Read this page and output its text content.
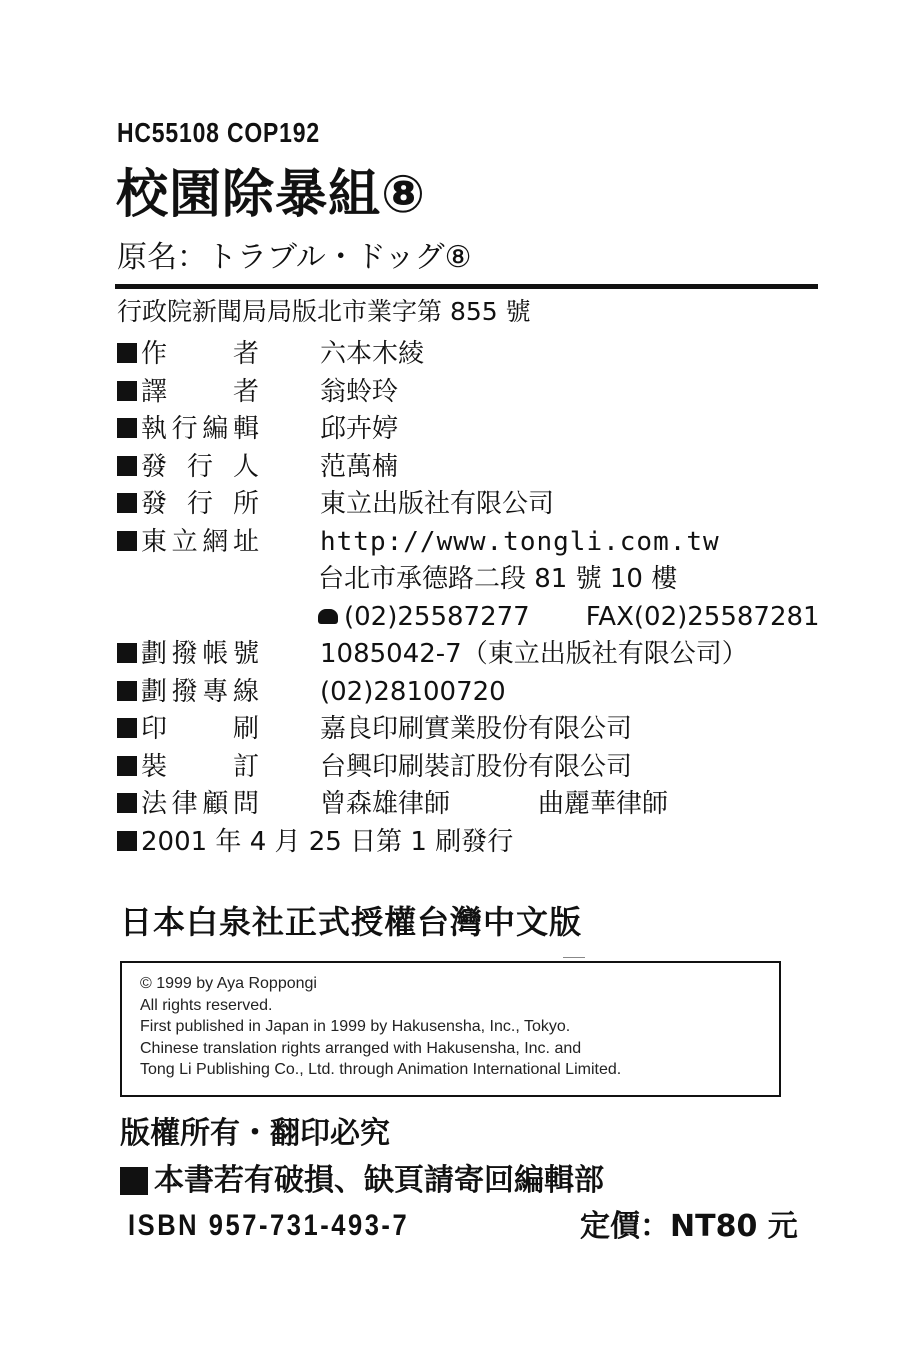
HC55108 COP192
校園除暴組⑧
原名：トラブル・ドッグ⑧
行政院新聞局局版北市業字第 855 號
作　　者 六本木綾
譯　　者 翁蛉玲
執行編輯 邱卉婷
發 行 人 范萬楠
發 行 所 東立出版社有限公司
東立網址 http://www.tongli.com.tw
台北市承德路二段 81 號 10 樓
(02)25587277 FAX(02)25587281
劃撥帳號 1085042-7（東立出版社有限公司）
劃撥專線 (02)28100720
印　　刷 嘉良印刷實業股份有限公司
裝　　訂 台興印刷裝訂股份有限公司
法律顧問 曾森雄律師	曲麗華律師
2001 年 4 月 25 日第 1 刷發行
日本白泉社正式授權台灣中文版
© 1999 by Aya Roppongi
All rights reserved.
First published in Japan in 1999 by Hakusensha, Inc., Tokyo.
Chinese translation rights arranged with Hakusensha, Inc. and
Tong Li Publishing Co., Ltd. through Animation International Limited.
版權所有・翻印必究
本書若有破損、缺頁請寄回編輯部
ISBN 957-731-493-7	定價：NT80 元
